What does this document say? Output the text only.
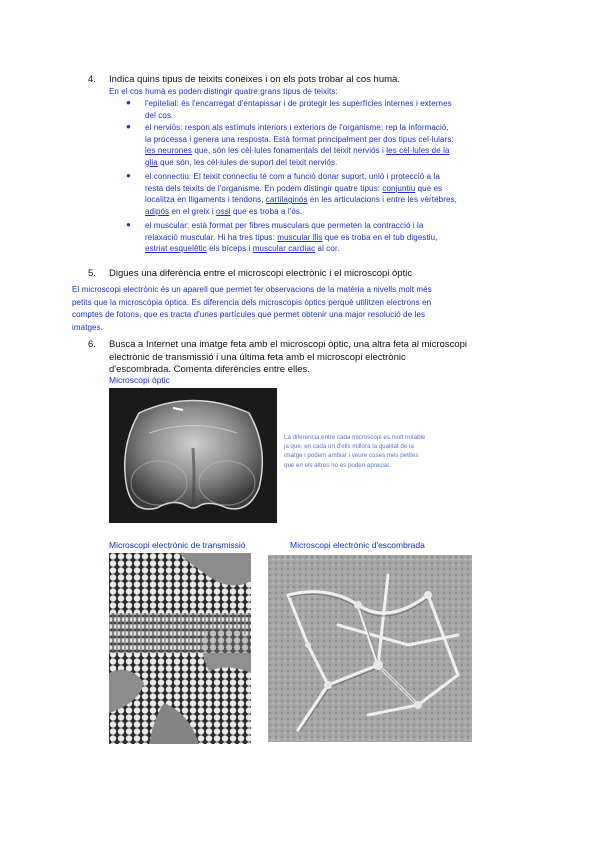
4. Indica quins tipus de teixits coneixes i on els pots trobar al cos humà.
En el cos humà es poden distingir quatre grans tipus de teixits:
● l'epitelial: és l'encarregat d'entapissar i de protegir les superfícies internes i externes
del cos.
● el nerviós: respon als estímuls interiors i exteriors de l'organisme; rep la informació,
la processa i genera una resposta. Està format principalment per dos tipus cel·lulars:
les neurones que, són les cèl·lules fonamentals del teixit nerviós i les cèl·lules de la
glia que són, les cèl·lules de suport del teixit nerviós.
● el connectiu: El teixit connectiu té com a funció donar suport, unió i protecció a la
resta dels teixits de l'organisme. En podem distingir quatre tipus: conjuntiu que es
localitza en lligaments i tendons, cartilaginós en les articulacions i entre les vèrtebres,
adipós en el greix i ossi que es troba a l'ós.
● el muscular: està format per fibres musculars que permeten la contracció i la
relaxació muscular. Hi ha tres tipus: muscular llis que es troba en el tub digestiu,
estriat esquelètic els bíceps i muscular cardíac al cor.
5. Digues una diferència entre el microscopi electrònic i el microscopi òptic
El microscopi electrònic és un aparell que permet fer observacions de la matèria a nivells molt més
petits que la microscòpia òptica. Es diferencia dels microscopis òptics perquè utilitzen electrons en
comptes de fotons, que es tracta d'unes partícules que permet obtenir una major resolució de les
imatges.
6. Busca a Internet una imatge feta amb el microscopi òptic, una altra feta al microscopi
electrònic de transmissió i una última feta amb el microscopi electrònic
d'escombrada. Comenta diferències entre elles.
Microscopi òptic
La diferencia entre cada microscopi es molt notable
ja que, en cada un d'ells millora la qualitat de la
imatge i podem ambiar i veure coses més petites
que en els altres no es poden apreciar.
Microscopi electrònic de transmissió	Microscopi electrònic d'escombrada
